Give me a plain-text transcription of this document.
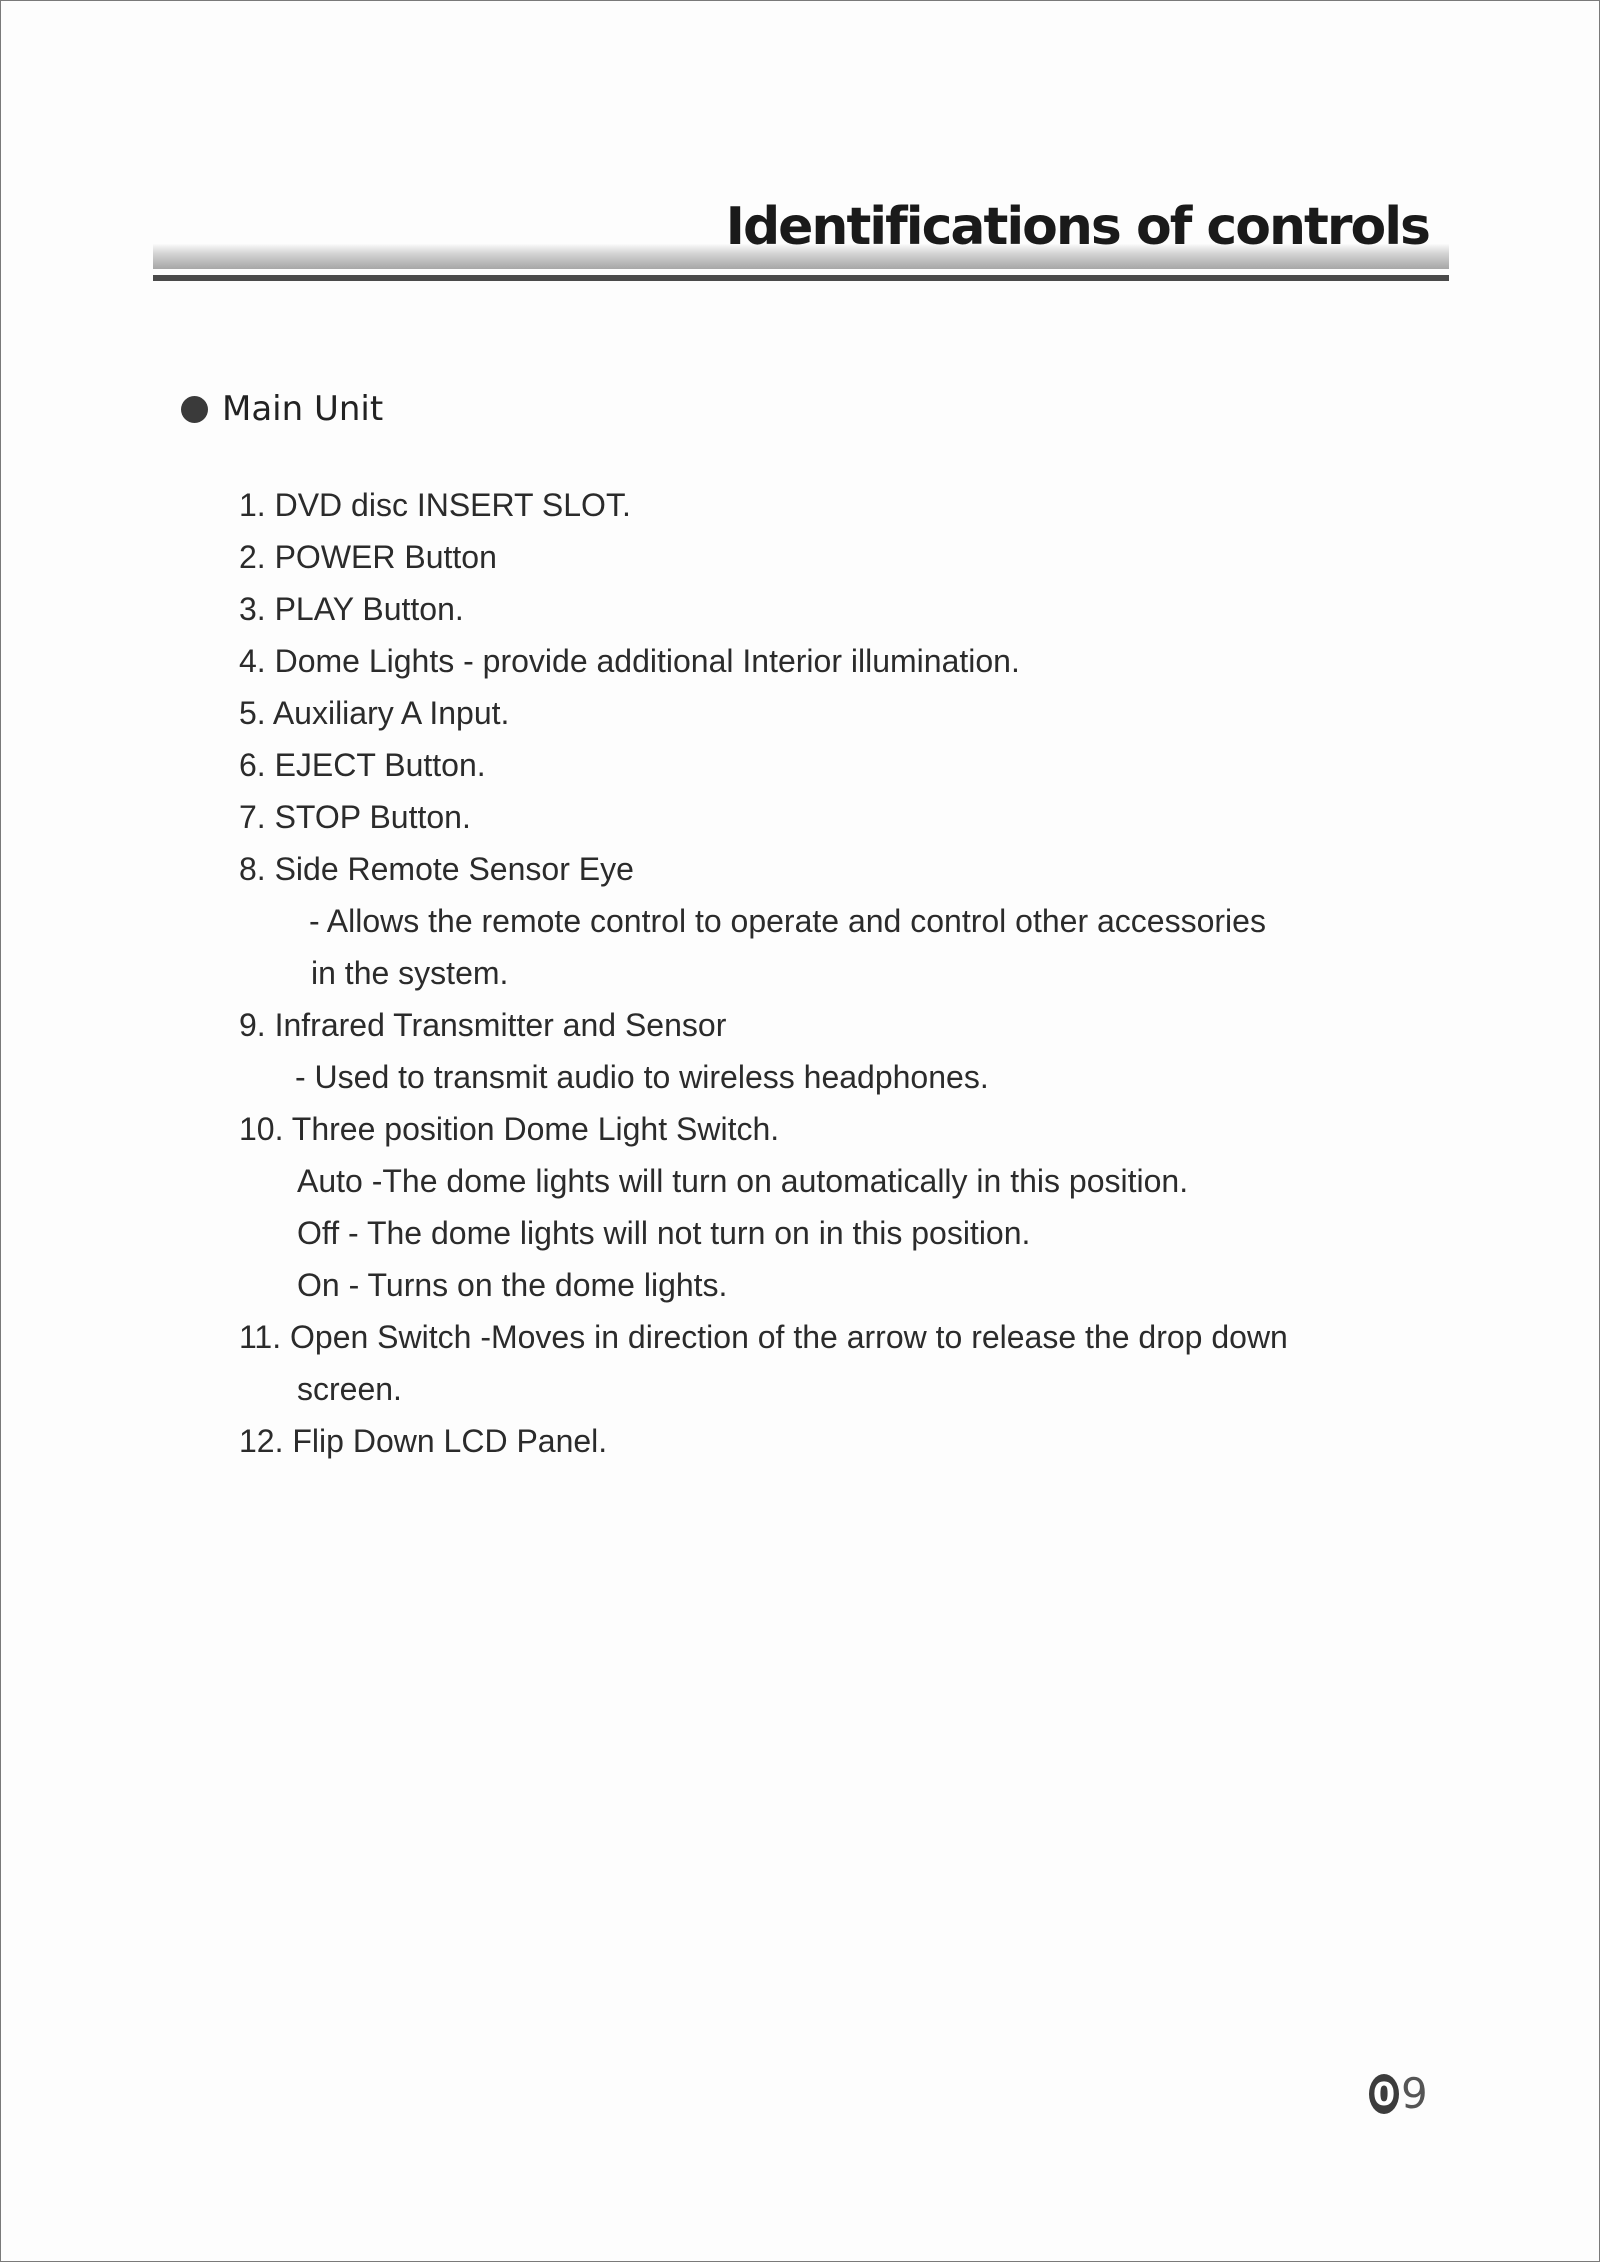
Identifications of controls
Main Unit
1. DVD disc INSERT SLOT.
2. POWER Button
3. PLAY Button.
4. Dome Lights - provide additional Interior illumination.
5. Auxiliary A Input.
6. EJECT Button.
7. STOP Button.
8. Side Remote Sensor Eye
- Allows the remote control to operate and control other accessories
in the system.
9. Infrared Transmitter and Sensor
- Used to transmit audio to wireless headphones.
10. Three position Dome Light Switch.
Auto -The dome lights will turn on automatically in this position.
Off - The dome lights will not turn on in this position.
On - Turns on the dome lights.
11. Open Switch -Moves in direction of the arrow to release the drop down
screen.
12. Flip Down LCD Panel.
0 9
